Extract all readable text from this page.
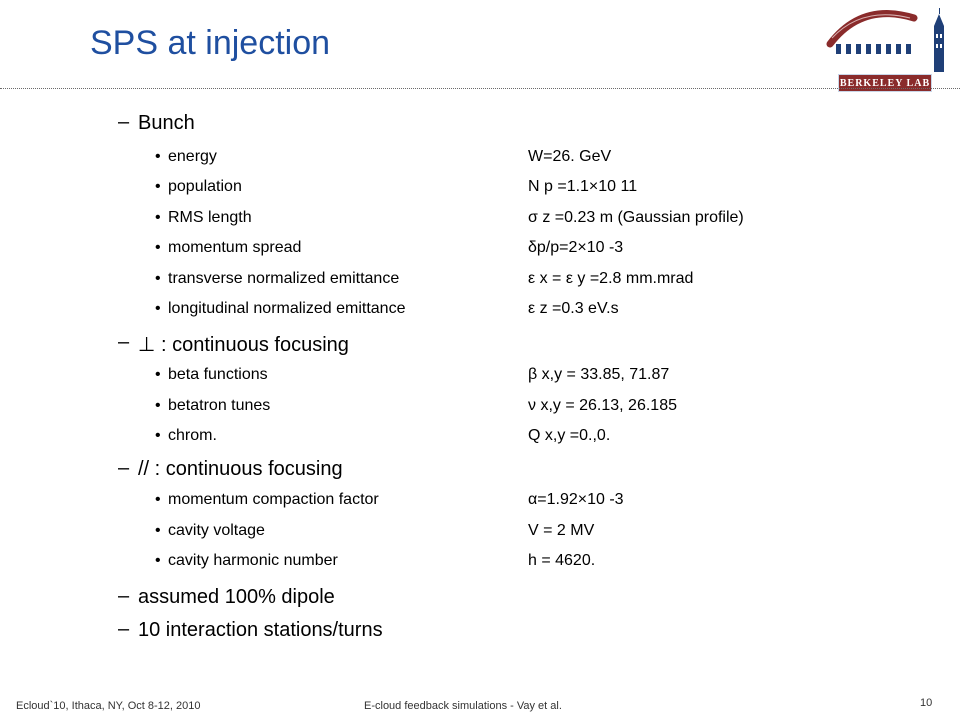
SPS at injection
BERKELEY LAB
– Bunch
• energy	W=26. GeV
• population	N p =1.1×10 11
• RMS length	σ z =0.23 m (Gaussian profile)
• momentum spread	δp/p=2×10 -3
• transverse normalized emittance	ε x = ε y =2.8 mm.mrad
• longitudinal normalized emittance	ε z =0.3 eV.s
– ⊥ : continuous focusing
• beta functions	β x,y = 33.85, 71.87
• betatron tunes	ν x,y = 26.13, 26.185
• chrom.	Q x,y =0.,0.
– // : continuous focusing
• momentum compaction factor	α=1.92×10 -3
• cavity voltage	V = 2 MV
• cavity harmonic number	h = 4620.
– assumed 100% dipole
– 10 interaction stations/turns
Ecloud`10, Ithaca, NY, Oct 8-12, 2010	E-cloud feedback simulations - Vay et al.	10
